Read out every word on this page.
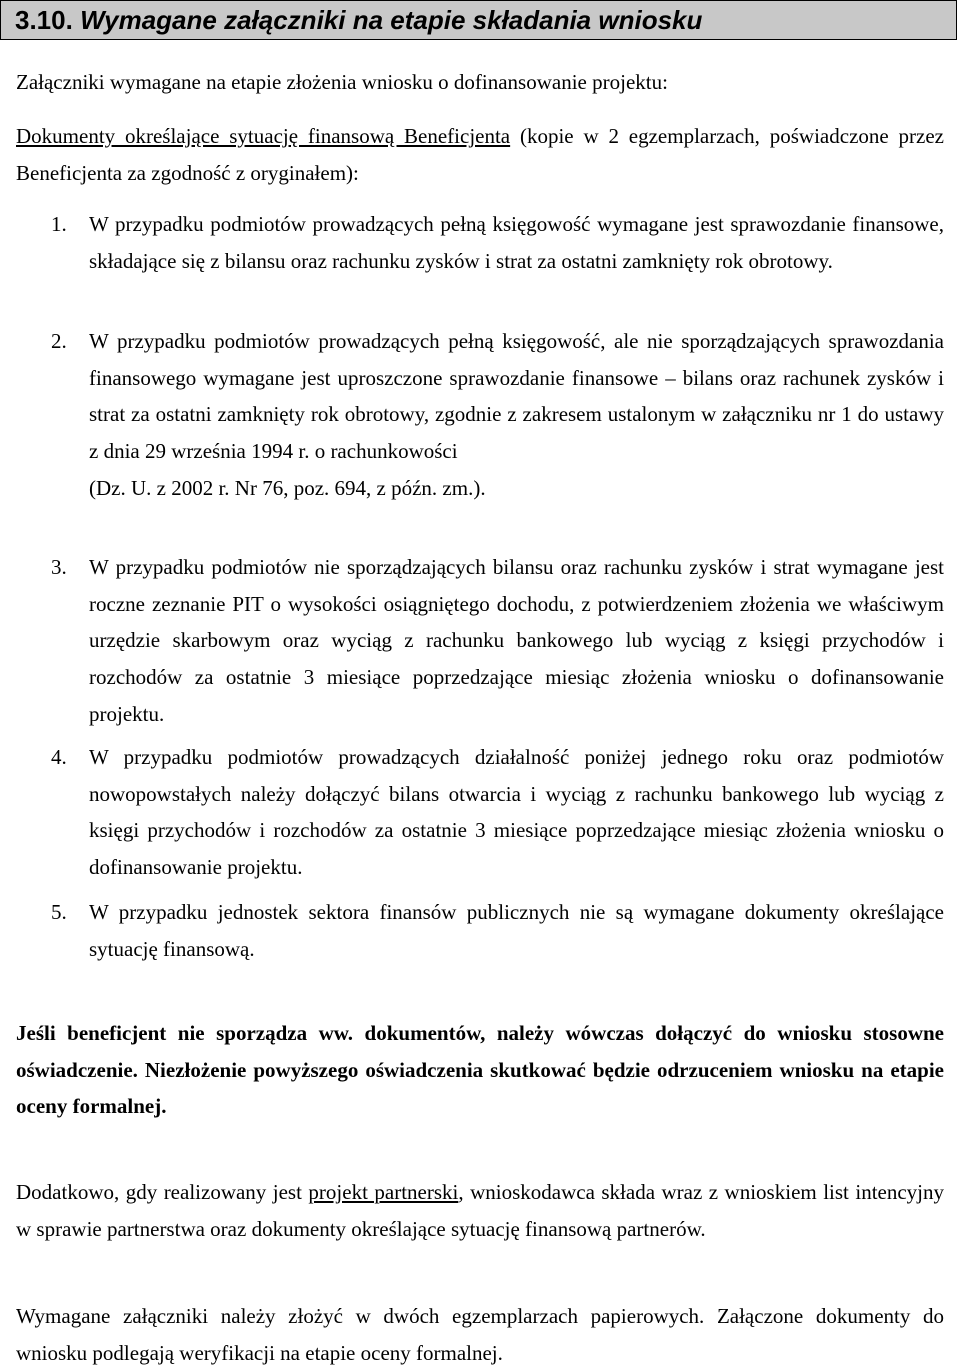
3.10. Wymagane załączniki na etapie składania wniosku
Załączniki wymagane na etapie złożenia wniosku o dofinansowanie projektu:
Dokumenty określające sytuację finansową Beneficjenta (kopie w 2 egzemplarzach, poświadczone przez Beneficjenta za zgodność z oryginałem):
1. W przypadku podmiotów prowadzących pełną księgowość wymagane jest sprawozdanie finansowe, składające się z bilansu oraz rachunku zysków i strat za ostatni zamknięty rok obrotowy.
2. W przypadku podmiotów prowadzących pełną księgowość, ale nie sporządzających sprawozdania finansowego wymagane jest uproszczone sprawozdanie finansowe – bilans oraz rachunek zysków i strat za ostatni zamknięty rok obrotowy, zgodnie z zakresem ustalonym w załączniku nr 1 do ustawy z dnia 29 września 1994 r. o rachunkowości
(Dz. U. z 2002 r. Nr 76, poz. 694, z późn. zm.).
3. W przypadku podmiotów nie sporządzających bilansu oraz rachunku zysków i strat wymagane jest roczne zeznanie PIT o wysokości osiągniętego dochodu, z potwierdzeniem złożenia we właściwym urzędzie skarbowym oraz wyciąg z rachunku bankowego lub wyciąg z księgi przychodów i rozchodów za ostatnie 3 miesiące poprzedzające miesiąc złożenia wniosku o dofinansowanie projektu.
4. W przypadku podmiotów prowadzących działalność poniżej jednego roku oraz podmiotów nowopowstałych należy dołączyć bilans otwarcia i wyciąg z rachunku bankowego lub wyciąg z księgi przychodów i rozchodów za ostatnie 3 miesiące poprzedzające miesiąc złożenia wniosku o dofinansowanie projektu.
5. W przypadku jednostek sektora finansów publicznych nie są wymagane dokumenty określające sytuację finansową.
Jeśli beneficjent nie sporządza ww. dokumentów, należy wówczas dołączyć do wniosku stosowne oświadczenie. Niezłożenie powyższego oświadczenia skutkować będzie odrzuceniem wniosku na etapie oceny formalnej.
Dodatkowo, gdy realizowany jest projekt partnerski, wnioskodawca składa wraz z wnioskiem list intencyjny w sprawie partnerstwa oraz dokumenty określające sytuację finansową partnerów.
Wymagane załączniki należy złożyć w dwóch egzemplarzach papierowych. Załączone dokumenty do wniosku podlegają weryfikacji na etapie oceny formalnej.
